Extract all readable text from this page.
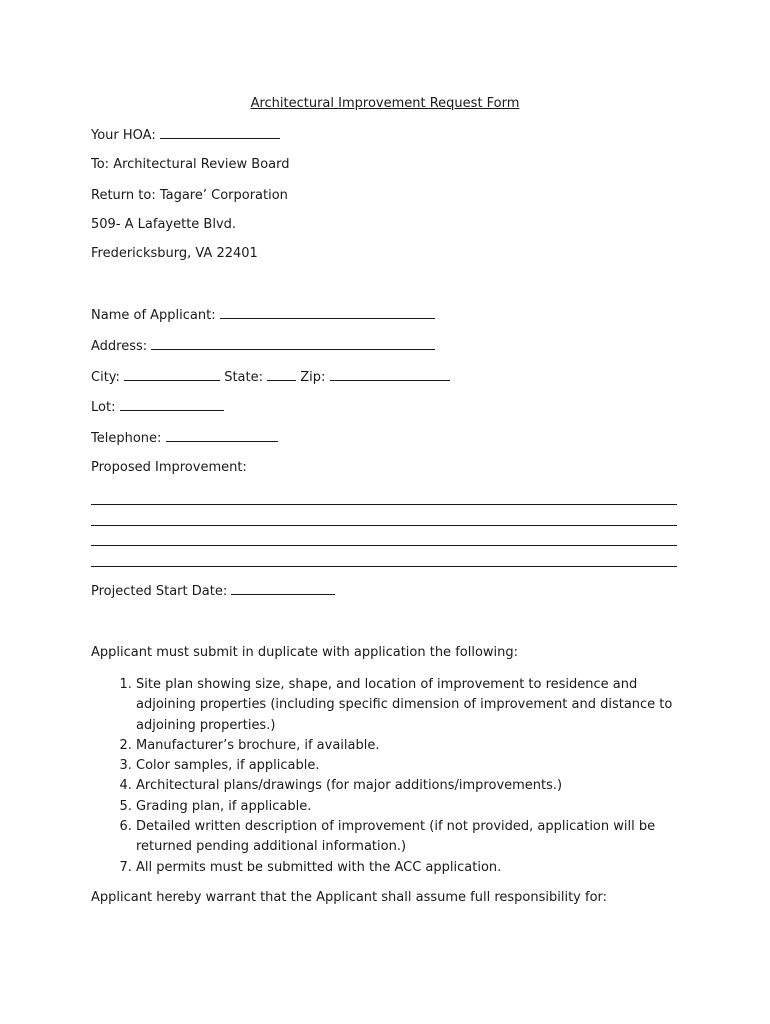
Architectural Improvement Request Form
Your HOA:
To: Architectural Review Board
Return to: Tagare’ Corporation
509- A Lafayette Blvd.
Fredericksburg, VA 22401
Name of Applicant:
Address:
City:	State:	Zip:
Lot:
Telephone:
Proposed Improvement:
Projected Start Date:
Applicant must submit in duplicate with application the following:
1. Site plan showing size, shape, and location of improvement to residence and adjoining properties (including specific dimension of improvement and distance to adjoining properties.)
2. Manufacturer’s brochure, if available.
3. Color samples, if applicable.
4. Architectural plans/drawings (for major additions/improvements.)
5. Grading plan, if applicable.
6. Detailed written description of improvement (if not provided, application will be returned pending additional information.)
7. All permits must be submitted with the ACC application.
Applicant hereby warrant that the Applicant shall assume full responsibility for:
